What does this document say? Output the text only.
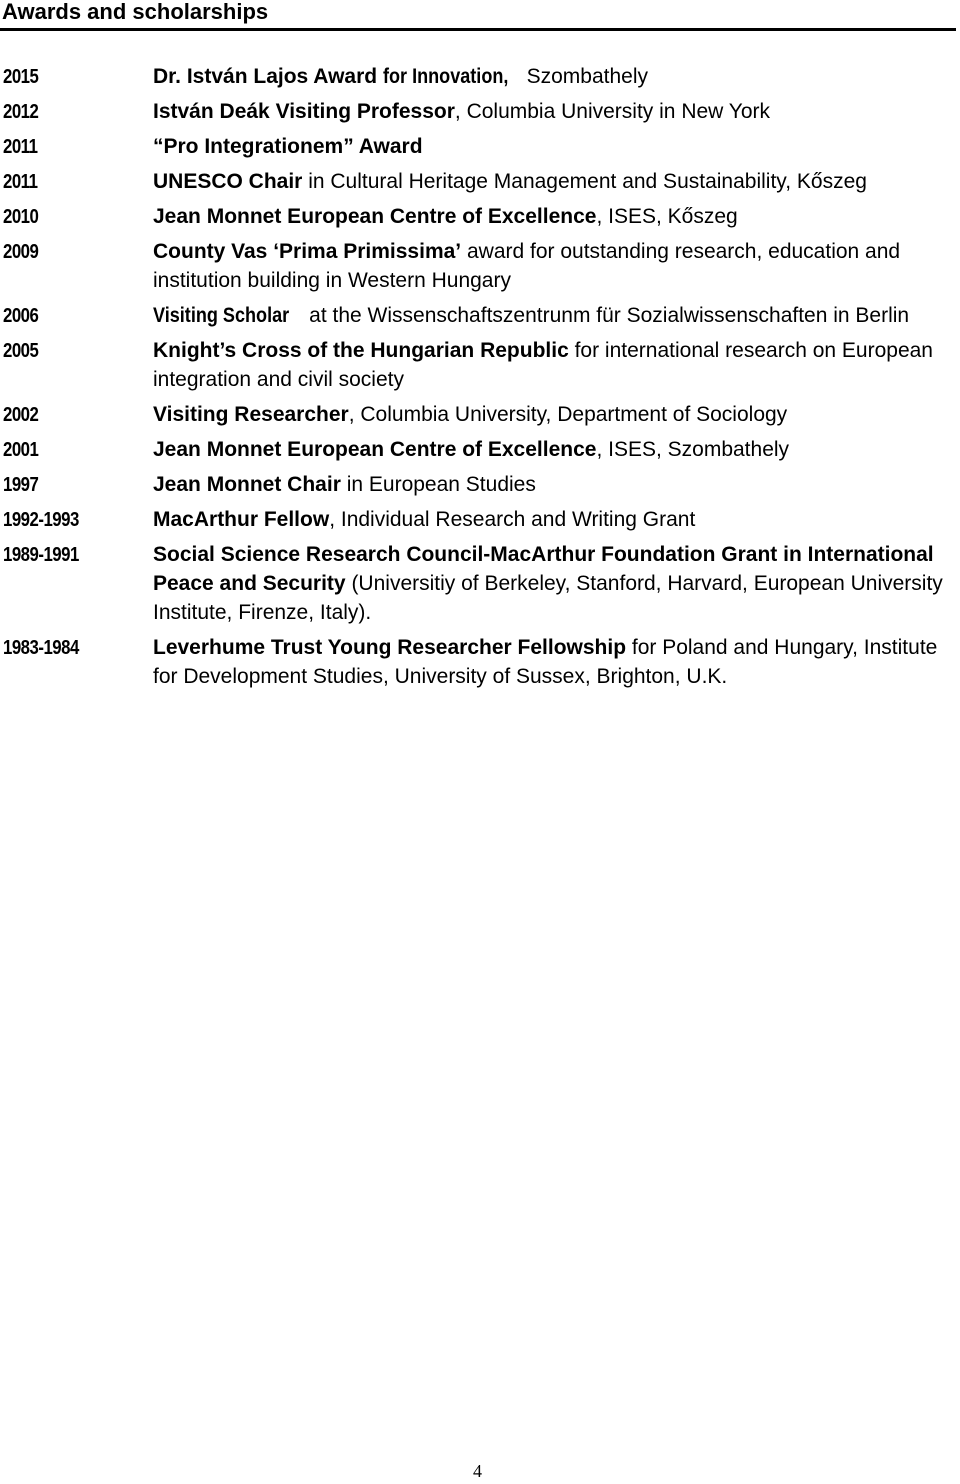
Awards and scholarships
2015	Dr. István Lajos Award for Innovation, Szombathely
2012	István Deák Visiting Professor, Columbia University in New York
2011	“Pro Integrationem” Award
2011	UNESCO Chair in Cultural Heritage Management and Sustainability, Kőszeg
2010	Jean Monnet European Centre of Excellence, ISES, Kőszeg
2009	County Vas ‘Prima Primissima’ award for outstanding research, education and institution building in Western Hungary
2006	Visiting Scholar at the Wissenschaftszentrunm für Sozialwissenschaften in Berlin
2005	Knight’s Cross of the Hungarian Republic for international research on European integration and civil society
2002	Visiting Researcher, Columbia University, Department of Sociology
2001	Jean Monnet European Centre of Excellence, ISES, Szombathely
1997	Jean Monnet Chair in European Studies
1992-1993	MacArthur Fellow, Individual Research and Writing Grant
1989-1991	Social Science Research Council-MacArthur Foundation Grant in International Peace and Security (Universitiy of Berkeley, Stanford, Harvard, European University Institute, Firenze, Italy).
1983-1984	Leverhume Trust Young Researcher Fellowship for Poland and Hungary, Institute for Development Studies, University of Sussex, Brighton, U.K.
4
